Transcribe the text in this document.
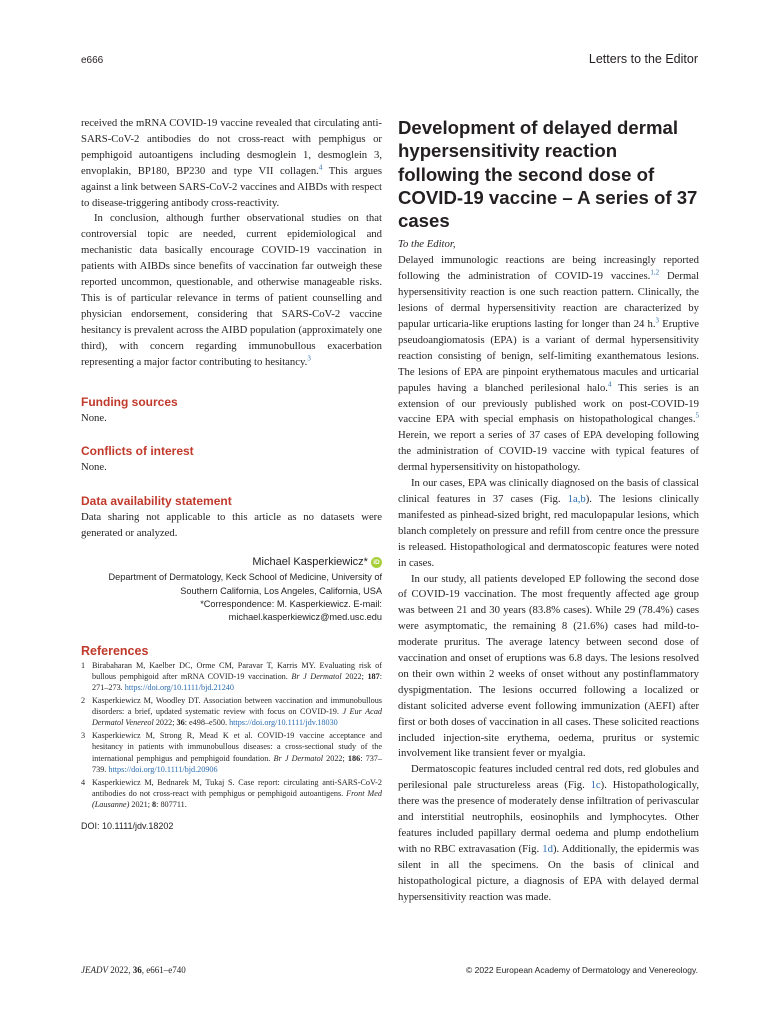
e666	Letters to the Editor

received the mRNA COVID-19 vaccine revealed that circulating anti-SARS-CoV-2 antibodies do not cross-react with pemphigus or pemphigoid autoantigens including desmoglein 1, desmoglein 3, envoplakin, BP180, BP230 and type VII collagen.$^4$ This argues against a link between SARS-CoV-2 vaccines and AIBDs with respect to disease-triggering antibody cross-reactivity.

In conclusion, although further observational studies on that controversial topic are needed, current epidemiological and mechanistic data basically encourage COVID-19 vaccination in patients with AIBDs since benefits of vaccination far outweigh these reported uncommon, questionable, and otherwise manageable risks. This is of particular relevance in terms of patient counselling and physician endorsement, considering that SARS-CoV-2 vaccine hesitancy is prevalent across the AIBD population (approximately one third), with concern regarding immunobullous exacerbation representing a major factor contributing to hesitancy.$^3$

Funding sources

None.

Conflicts of interest

None.

Data availability statement

Data sharing not applicable to this article as no datasets were generated or analyzed.

Michael Kasperkiewicz* iD
Department of Dermatology, Keck School of Medicine, University of Southern California, Los Angeles, California, USA
*Correspondence: M. Kasperkiewicz. E-mail: michael.kasperkiewicz@med.usc.edu
References
1 Birabaharan M, Kaelber DC, Orme CM, Paravar T, Karris MY. Evaluating risk of bullous pemphigoid after mRNA COVID-19 vaccination. Br J Dermatol 2022; 187: 271–273. https://doi.org/10.1111/bjd.21240
2 Kasperkiewicz M, Woodley DT. Association between vaccination and immunobullous disorders: a brief, updated systematic review with focus on COVID-19. J Eur Acad Dermatol Venereol 2022; 36: e498–e500. https://doi.org/10.1111/jdv.18030
3 Kasperkiewicz M, Strong R, Mead K et al. COVID-19 vaccine acceptance and hesitancy in patients with immunobullous diseases: a cross-sectional study of the international pemphigus and pemphigoid foundation. Br J Dermatol 2022; 186: 737–739. https://doi.org/10.1111/bjd.20906
4 Kasperkiewicz M, Bednarek M, Tukaj S. Case report: circulating anti-SARS-CoV-2 antibodies do not cross-react with pemphigus or pemphigoid autoantigens. Front Med (Lausanne) 2021; 8: 807711.
DOI: 10.1111/jdv.18202
Development of delayed dermal hypersensitivity reaction following the second dose of COVID-19 vaccine – A series of 37 cases

To the Editor,

Delayed immunologic reactions are being increasingly reported following the administration of COVID-19 vaccines.$^{1,2}$ Dermal hypersensitivity reaction is one such reaction pattern. Clinically, the lesions of dermal hypersensitivity reaction are characterized by papular urticaria-like eruptions lasting for longer than 24 h.$^3$ Eruptive pseudoangiomatosis (EPA) is a variant of dermal hypersensitivity reaction consisting of benign, self-limiting exanthematous lesions. The lesions of EPA are pinpoint erythematous macules and urticarial papules having a blanched perilesional halo.$^4$ This series is an extension of our previously published work on post-COVID-19 vaccine EPA with special emphasis on histopathological changes.$^5$ Herein, we report a series of 37 cases of EPA developing following the administration of COVID-19 vaccine with typical features of dermal hypersensitivity on histopathology.

In our cases, EPA was clinically diagnosed on the basis of classical clinical features in 37 cases (Fig. 1a,b). The lesions clinically manifested as pinhead-sized bright, red maculopapular lesions, which blanch completely on pressure and refill from centre once the pressure is released. Histopathological and dermatoscopic features were noted in cases.

In our study, all patients developed EP following the second dose of COVID-19 vaccination. The most frequently affected age group was between 21 and 30 years (83.8% cases). While 29 (78.4%) cases were asymptomatic, the remaining 8 (21.6%) cases had mild-to-moderate pruritus. The average latency between second dose of vaccination and onset of eruptions was 6.8 days. The lesions resolved on their own within 2 weeks of onset without any postinflammatory dyspigmentation. The lesions occurred following a localized or distant solicited adverse event following immunization (AEFI) after first or both doses of vaccination in all cases. These solicited reactions included injection-site erythema, oedema, pruritus or systemic involvement like transient fever or myalgia.

Dermatoscopic features included central red dots, red globules and perilesional pale structureless areas (Fig. 1c). Histopathologically, there was the presence of moderately dense infiltration of perivascular and interstitial neutrophils, eosinophils and lymphocytes. Other features included papillary dermal oedema and plump endothelium with no RBC extravasation (Fig. 1d). Additionally, the epidermis was silent in all the specimens. On the basis of clinical and histopathological picture, a diagnosis of EPA with delayed dermal hypersensitivity reaction was made.

JEADV 2022, 36, e661–e740	© 2022 European Academy of Dermatology and Venereology.
